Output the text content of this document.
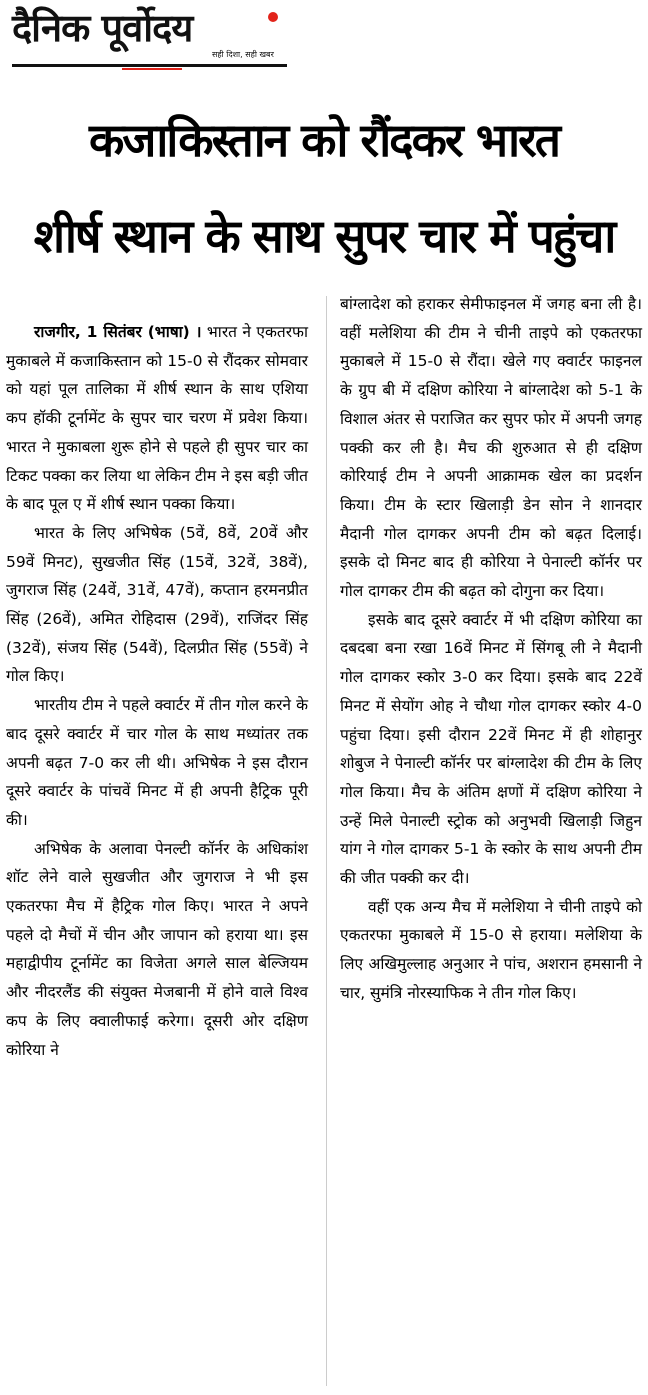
दैनिक पूर्वोदय
सही दिशा, सही खबर
कजाकिस्तान को रौंदकर भारत
शीर्ष स्थान के साथ सुपर चार में पहुंचा

राजगीर, 1 सितंबर (भाषा) । भारत ने एकतरफा मुकाबले में कजाकिस्तान को 15-0 से रौंदकर सोमवार को यहां पूल तालिका में शीर्ष स्थान के साथ एशिया कप हॉकी टूर्नामेंट के सुपर चार चरण में प्रवेश किया। भारत ने मुकाबला शुरू होने से पहले ही सुपर चार का टिकट पक्का कर लिया था लेकिन टीम ने इस बड़ी जीत के बाद पूल ए में शीर्ष स्थान पक्का किया।

भारत के लिए अभिषेक (5वें, 8वें, 20वें और 59वें मिनट), सुखजीत सिंह (15वें, 32वें, 38वें), जुगराज सिंह (24वें, 31वें, 47वें), कप्तान हरमनप्रीत सिंह (26वें), अमित रोहिदास (29वें), राजिंदर सिंह (32वें), संजय सिंह (54वें), दिलप्रीत सिंह (55वें) ने गोल किए।

भारतीय टीम ने पहले क्वार्टर में तीन गोल करने के बाद दूसरे क्वार्टर में चार गोल के साथ मध्यांतर तक अपनी बढ़त 7-0 कर ली थी। अभिषेक ने इस दौरान दूसरे क्वार्टर के पांचवें मिनट में ही अपनी हैट्रिक पूरी की।

अभिषेक के अलावा पेनल्टी कॉर्नर के अधिकांश शॉट लेने वाले सुखजीत और जुगराज ने भी इस एकतरफा मैच में हैट्रिक गोल किए। भारत ने अपने पहले दो मैचों में चीन और जापान को हराया था। इस महाद्वीपीय टूर्नामेंट का विजेता अगले साल बेल्जियम और नीदरलैंड की संयुक्त मेजबानी में होने वाले विश्व कप के लिए क्वालीफाई करेगा। दूसरी ओर दक्षिण कोरिया ने

बांग्लादेश को हराकर सेमीफाइनल में जगह बना ली है। वहीं मलेशिया की टीम ने चीनी ताइपे को एकतरफा मुकाबले में 15-0 से रौंदा। खेले गए क्वार्टर फाइनल के ग्रुप बी में दक्षिण कोरिया ने बांग्लादेश को 5-1 के विशाल अंतर से पराजित कर सुपर फोर में अपनी जगह पक्की कर ली है। मैच की शुरुआत से ही दक्षिण कोरियाई टीम ने अपनी आक्रामक खेल का प्रदर्शन किया। टीम के स्टार खिलाड़ी डेन सोन ने शानदार मैदानी गोल दागकर अपनी टीम को बढ़त दिलाई। इसके दो मिनट बाद ही कोरिया ने पेनाल्टी कॉर्नर पर गोल दागकर टीम की बढ़त को दोगुना कर दिया।

इसके बाद दूसरे क्वार्टर में भी दक्षिण कोरिया का दबदबा बना रखा 16वें मिनट में सिंगबू ली ने मैदानी गोल दागकर स्कोर 3-0 कर दिया। इसके बाद 22वें मिनट में सेयोंग ओह ने चौथा गोल दागकर स्कोर 4-0 पहुंचा दिया। इसी दौरान 22वें मिनट में ही शोहानुर शोबुज ने पेनाल्टी कॉर्नर पर बांग्लादेश की टीम के लिए गोल किया। मैच के अंतिम क्षणों में दक्षिण कोरिया ने उन्हें मिले पेनाल्टी स्ट्रोक को अनुभवी खिलाड़ी जिहुन यांग ने गोल दागकर 5-1 के स्कोर के साथ अपनी टीम की जीत पक्की कर दी।

वहीं एक अन्य मैच में मलेशिया ने चीनी ताइपे को एकतरफा मुकाबले में 15-0 से हराया। मलेशिया के लिए अखिमुल्लाह अनुआर ने पांच, अशरान हमसानी ने चार, सुमंत्रि नोरस्याफिक ने तीन गोल किए।
